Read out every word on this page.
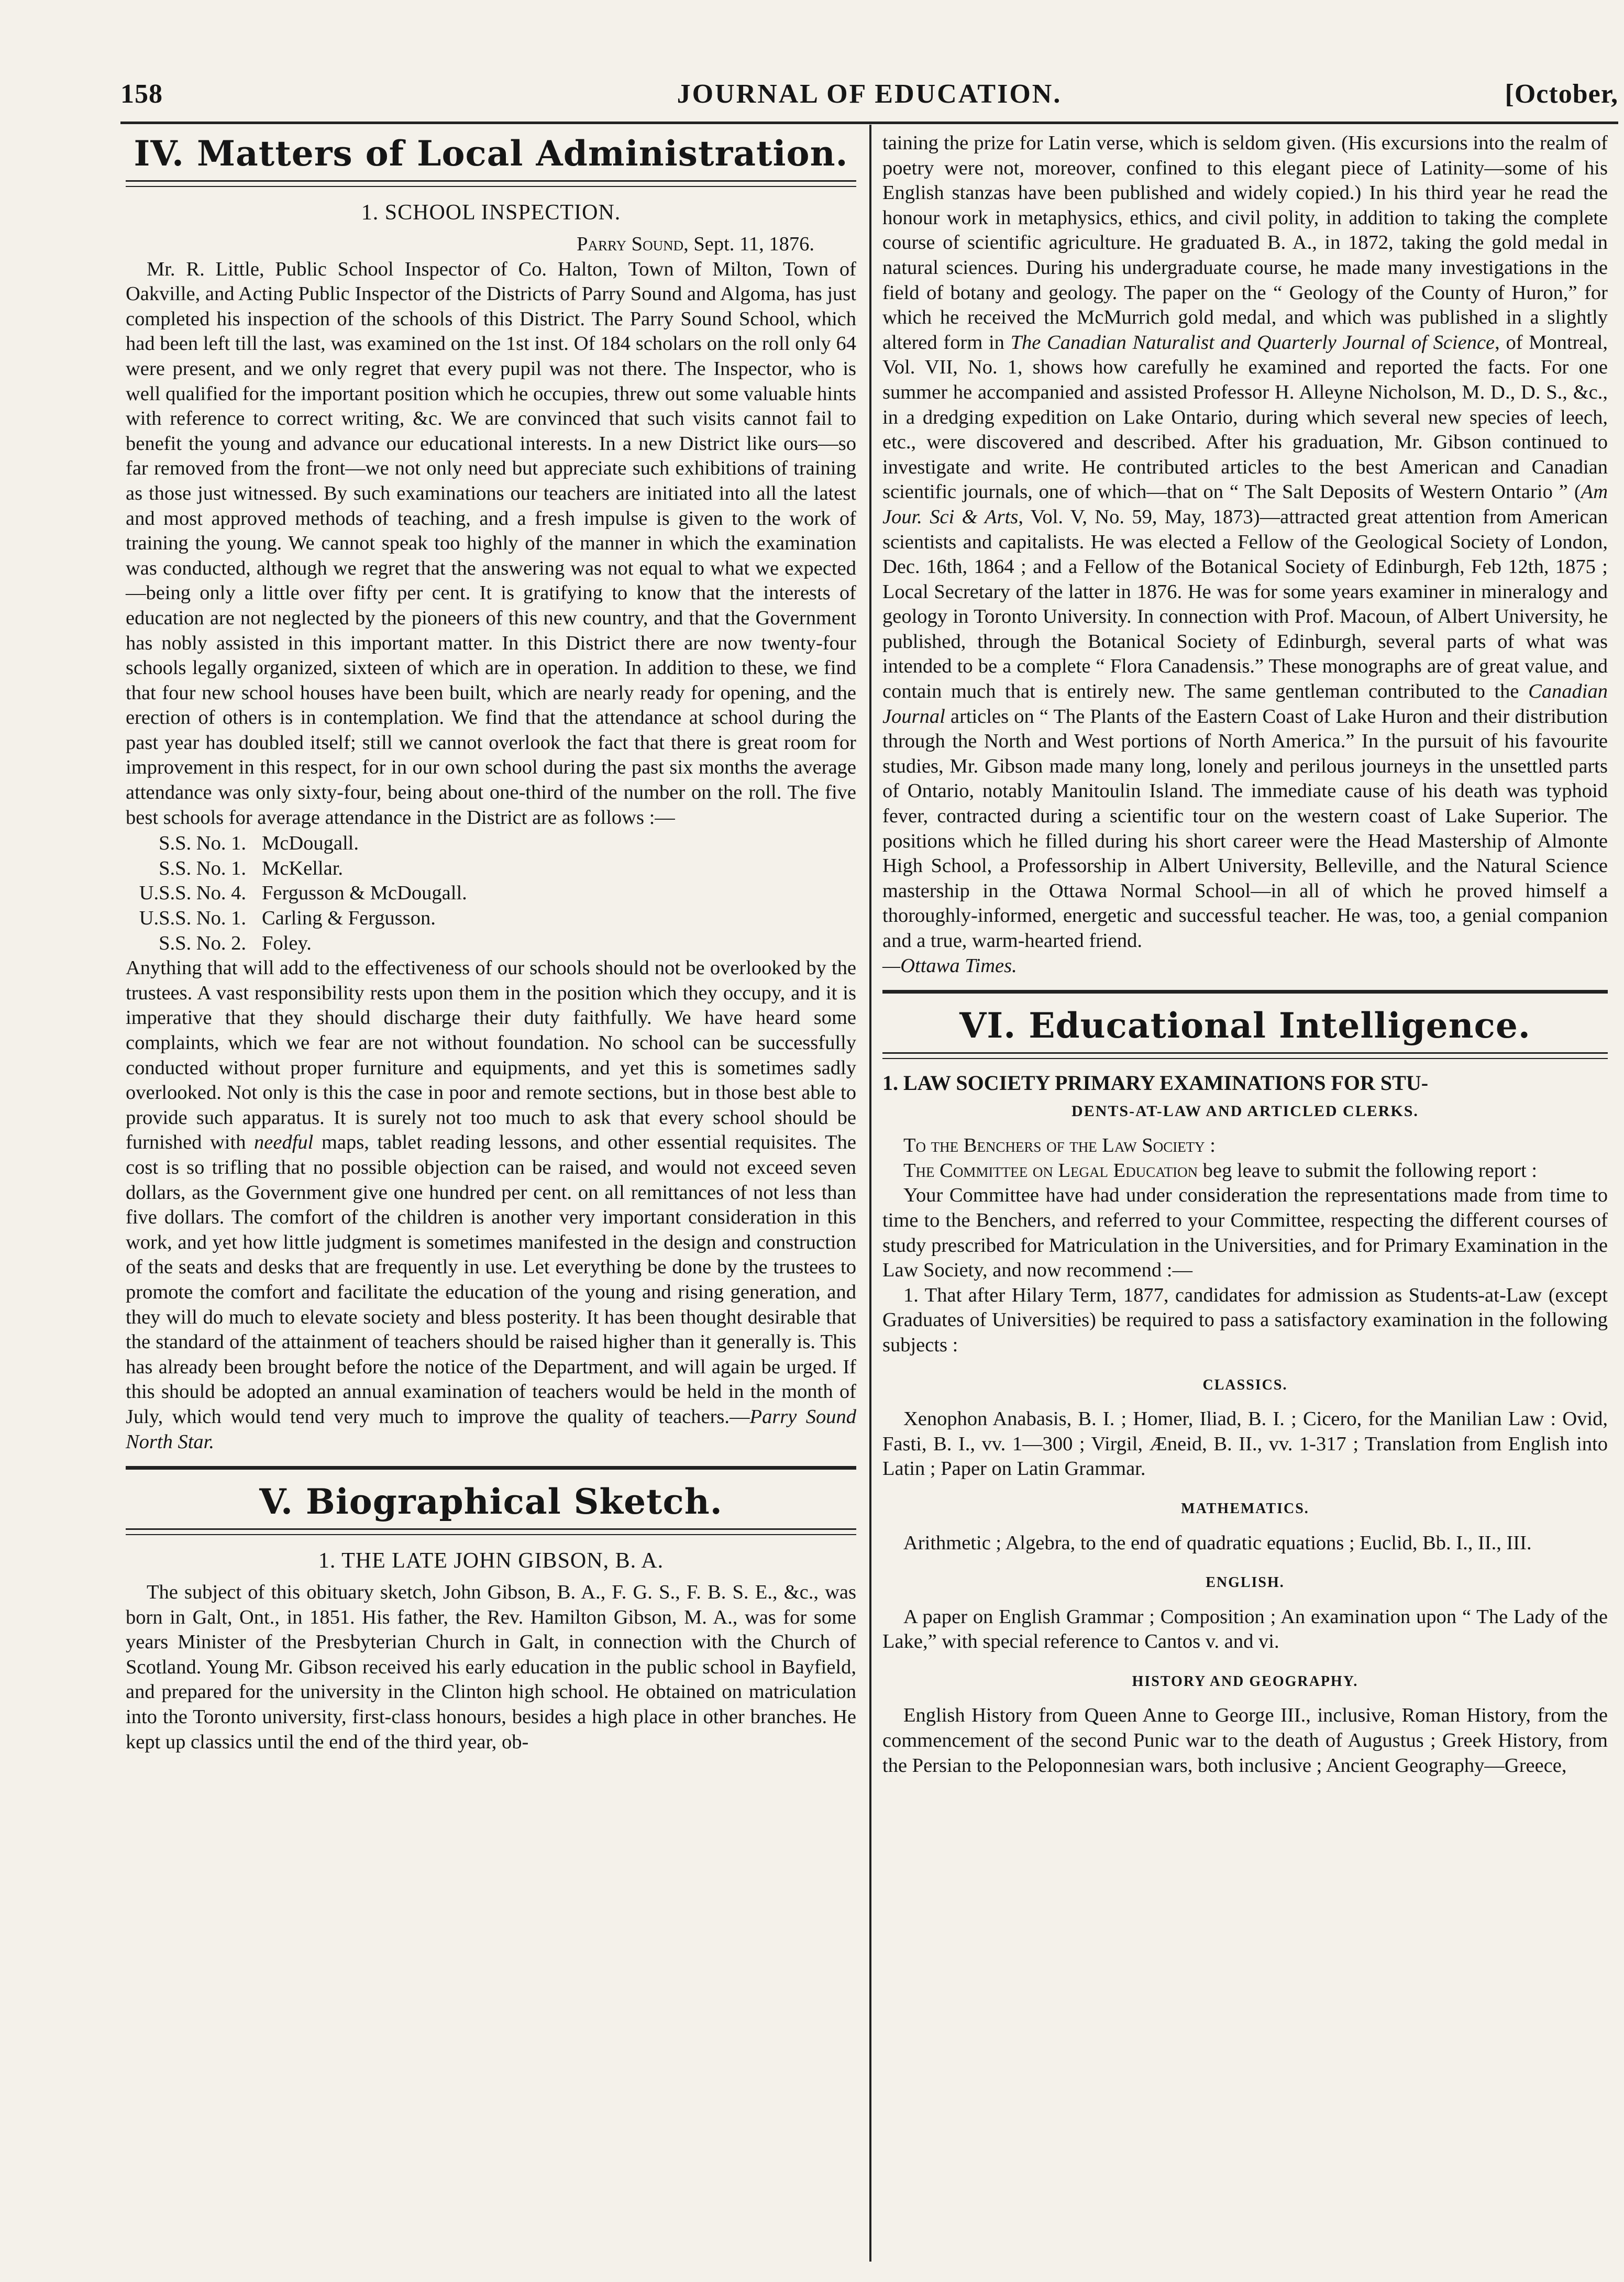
158	JOURNAL OF EDUCATION.	[October,
IV. Matters of Local Administration.
1. SCHOOL INSPECTION.
Parry Sound, Sept. 11, 1876.

Mr. R. Little, Public School Inspector of Co. Halton, Town of Milton, Town of Oakville, and Acting Public Inspector of the Districts of Parry Sound and Algoma, has just completed his inspection of the schools of this District. The Parry Sound School, which had been left till the last, was examined on the 1st inst. Of 184 scholars on the roll only 64 were present, and we only regret that every pupil was not there. The Inspector, who is well qualified for the important position which he occupies, threw out some valuable hints with reference to correct writing, &c. We are convinced that such visits cannot fail to benefit the young and advance our educational interests. In a new District like ours—so far removed from the front—we not only need but appreciate such exhibitions of training as those just witnessed. By such examinations our teachers are initiated into all the latest and most approved methods of teaching, and a fresh impulse is given to the work of training the young. We cannot speak too highly of the manner in which the examination was conducted, although we regret that the answering was not equal to what we expected—being only a little over fifty per cent. It is gratifying to know that the interests of education are not neglected by the pioneers of this new country, and that the Government has nobly assisted in this important matter. In this District there are now twenty-four schools legally organized, sixteen of which are in operation. In addition to these, we find that four new school houses have been built, which are nearly ready for opening, and the erection of others is in contemplation. We find that the attendance at school during the past year has doubled itself; still we cannot overlook the fact that there is great room for improvement in this respect, for in our own school during the past six months the average attendance was only sixty-four, being about one-third of the number on the roll. The five best schools for average attendance in the District are as follows :—

S.S. No. 1. McDougall.
S.S. No. 1. McKellar.
U.S.S. No. 4. Fergusson & McDougall.
U.S.S. No. 1. Carling & Fergusson.
S.S. No. 2. Foley.

Anything that will add to the effectiveness of our schools should not be overlooked by the trustees. A vast responsibility rests upon them in the position which they occupy, and it is imperative that they should discharge their duty faithfully. We have heard some complaints, which we fear are not without foundation. No school can be successfully conducted without proper furniture and equipments, and yet this is sometimes sadly overlooked. Not only is this the case in poor and remote sections, but in those best able to provide such apparatus. It is surely not too much to ask that every school should be furnished with needful maps, tablet reading lessons, and other essential requisites. The cost is so trifling that no possible objection can be raised, and would not exceed seven dollars, as the Government give one hundred per cent. on all remittances of not less than five dollars. The comfort of the children is another very important consideration in this work, and yet how little judgment is sometimes manifested in the design and construction of the seats and desks that are frequently in use. Let everything be done by the trustees to promote the comfort and facilitate the education of the young and rising generation, and they will do much to elevate society and bless posterity. It has been thought desirable that the standard of the attainment of teachers should be raised higher than it generally is. This has already been brought before the notice of the Department, and will again be urged. If this should be adopted an annual examination of teachers would be held in the month of July, which would tend very much to improve the quality of teachers.—Parry Sound North Star.

V. Biographical Sketch.
1. THE LATE JOHN GIBSON, B. A.

The subject of this obituary sketch, John Gibson, B. A., F. G. S., F. B. S. E., &c., was born in Galt, Ont., in 1851. His father, the Rev. Hamilton Gibson, M. A., was for some years Minister of the Presbyterian Church in Galt, in connection with the Church of Scotland. Young Mr. Gibson received his early education in the public school in Bayfield, and prepared for the university in the Clinton high school. He obtained on matriculation into the Toronto university, first-class honours, besides a high place in other branches. He kept up classics until the end of the third year, ob-

taining the prize for Latin verse, which is seldom given. (His excursions into the realm of poetry were not, moreover, confined to this elegant piece of Latinity—some of his English stanzas have been published and widely copied.) In his third year he read the honour work in metaphysics, ethics, and civil polity, in addition to taking the complete course of scientific agriculture. He graduated B. A., in 1872, taking the gold medal in natural sciences. During his undergraduate course, he made many investigations in the field of botany and geology. The paper on the “ Geology of the County of Huron,” for which he received the McMurrich gold medal, and which was published in a slightly altered form in The Canadian Naturalist and Quarterly Journal of Science, of Montreal, Vol. VII, No. 1, shows how carefully he examined and reported the facts. For one summer he accompanied and assisted Professor H. Alleyne Nicholson, M. D., D. S., &c., in a dredging expedition on Lake Ontario, during which several new species of leech, etc., were discovered and described. After his graduation, Mr. Gibson continued to investigate and write. He contributed articles to the best American and Canadian scientific journals, one of which—that on “ The Salt Deposits of Western Ontario ” (Am Jour. Sci & Arts, Vol. V, No. 59, May, 1873)—attracted great attention from American scientists and capitalists. He was elected a Fellow of the Geological Society of London, Dec. 16th, 1864 ; and a Fellow of the Botanical Society of Edinburgh, Feb 12th, 1875 ; Local Secretary of the latter in 1876. He was for some years examiner in mineralogy and geology in Toronto University. In connection with Prof. Macoun, of Albert University, he published, through the Botanical Society of Edinburgh, several parts of what was intended to be a complete “ Flora Canadensis.” These monographs are of great value, and contain much that is entirely new. The same gentleman contributed to the Canadian Journal articles on “ The Plants of the Eastern Coast of Lake Huron and their distribution through the North and West portions of North America.” In the pursuit of his favourite studies, Mr. Gibson made many long, lonely and perilous journeys in the unsettled parts of Ontario, notably Manitoulin Island. The immediate cause of his death was typhoid fever, contracted during a scientific tour on the western coast of Lake Superior. The positions which he filled during his short career were the Head Mastership of Almonte High School, a Professorship in Albert University, Belleville, and the Natural Science mastership in the Ottawa Normal School—in all of which he proved himself a thoroughly-informed, energetic and successful teacher. He was, too, a genial companion and a true, warm-hearted friend.

—Ottawa Times.

VI. Educational Intelligence.
1. LAW SOCIETY PRIMARY EXAMINATIONS FOR STU-
DENTS-AT-LAW AND ARTICLED CLERKS.

To the Benchers of the Law Society :

The Committee on Legal Education beg leave to submit the following report :

Your Committee have had under consideration the representations made from time to time to the Benchers, and referred to your Committee, respecting the different courses of study prescribed for Matriculation in the Universities, and for Primary Examination in the Law Society, and now recommend :—

1. That after Hilary Term, 1877, candidates for admission as Students-at-Law (except Graduates of Universities) be required to pass a satisfactory examination in the following subjects :

CLASSICS.

Xenophon Anabasis, B. I. ; Homer, Iliad, B. I. ; Cicero, for the Manilian Law : Ovid, Fasti, B. I., vv. 1—300 ; Virgil, Æneid, B. II., vv. 1-317 ; Translation from English into Latin ; Paper on Latin Grammar.

MATHEMATICS.

Arithmetic ; Algebra, to the end of quadratic equations ; Euclid, Bb. I., II., III.

ENGLISH.

A paper on English Grammar ; Composition ; An examination upon “ The Lady of the Lake,” with special reference to Cantos v. and vi.

HISTORY AND GEOGRAPHY.

English History from Queen Anne to George III., inclusive, Roman History, from the commencement of the second Punic war to the death of Augustus ; Greek History, from the Persian to the Peloponnesian wars, both inclusive ; Ancient Geography—Greece,
